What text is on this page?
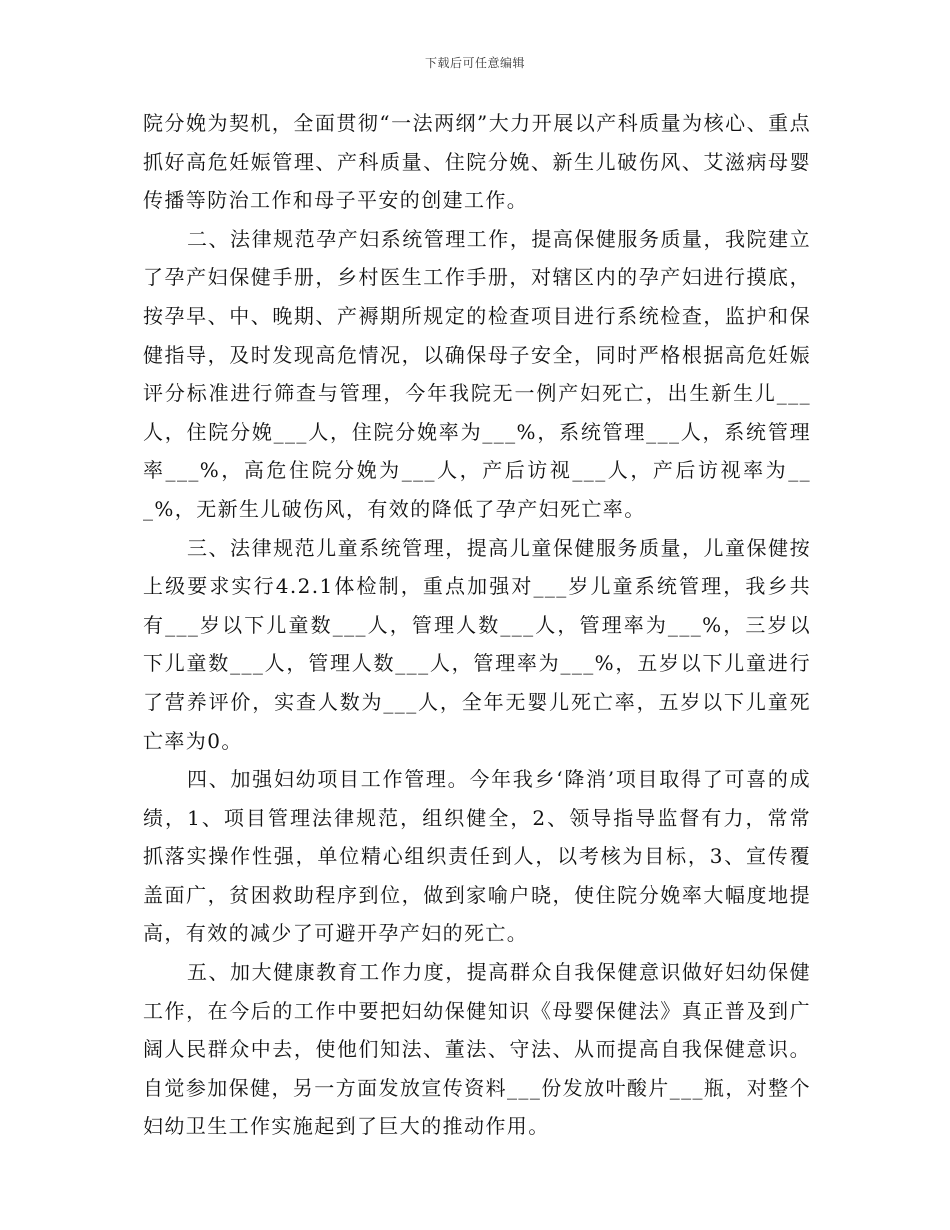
下载后可任意编辑

院分娩为契机，全面贯彻“一法两纲”大力开展以产科质量为核心、重点抓好高危妊娠管理、产科质量、住院分娩、新生儿破伤风、艾滋病母婴传播等防治工作和母子平安的创建工作。

二、法律规范孕产妇系统管理工作，提高保健服务质量，我院建立了孕产妇保健手册，乡村医生工作手册，对辖区内的孕产妇进行摸底，按孕早、中、晚期、产褥期所规定的检查项目进行系统检查，监护和保健指导，及时发现高危情况，以确保母子安全，同时严格根据高危妊娠评分标准进行筛查与管理，今年我院无一例产妇死亡，出生新生儿___人，住院分娩___人，住院分娩率为___%，系统管理___人，系统管理率___%，高危住院分娩为___人，产后访视___人，产后访视率为___%，无新生儿破伤风，有效的降低了孕产妇死亡率。

三、法律规范儿童系统管理，提高儿童保健服务质量，儿童保健按上级要求实行4.2.1体检制，重点加强对___岁儿童系统管理，我乡共有___岁以下儿童数___人，管理人数___人，管理率为___%，三岁以下儿童数___人，管理人数___人，管理率为___%，五岁以下儿童进行了营养评价，实查人数为___人，全年无婴儿死亡率，五岁以下儿童死亡率为0。

四、加强妇幼项目工作管理。今年我乡‘降消’项目取得了可喜的成绩，1、项目管理法律规范，组织健全，2、领导指导监督有力，常常抓落实操作性强，单位精心组织责任到人，以考核为目标，3、宣传覆盖面广，贫困救助程序到位，做到家喻户晓，使住院分娩率大幅度地提高，有效的减少了可避开孕产妇的死亡。

五、加大健康教育工作力度，提高群众自我保健意识做好妇幼保健工作，在今后的工作中要把妇幼保健知识《母婴保健法》真正普及到广阔人民群众中去，使他们知法、董法、守法、从而提高自我保健意识。自觉参加保健，另一方面发放宣传资料___份发放叶酸片___瓶，对整个妇幼卫生工作实施起到了巨大的推动作用。
